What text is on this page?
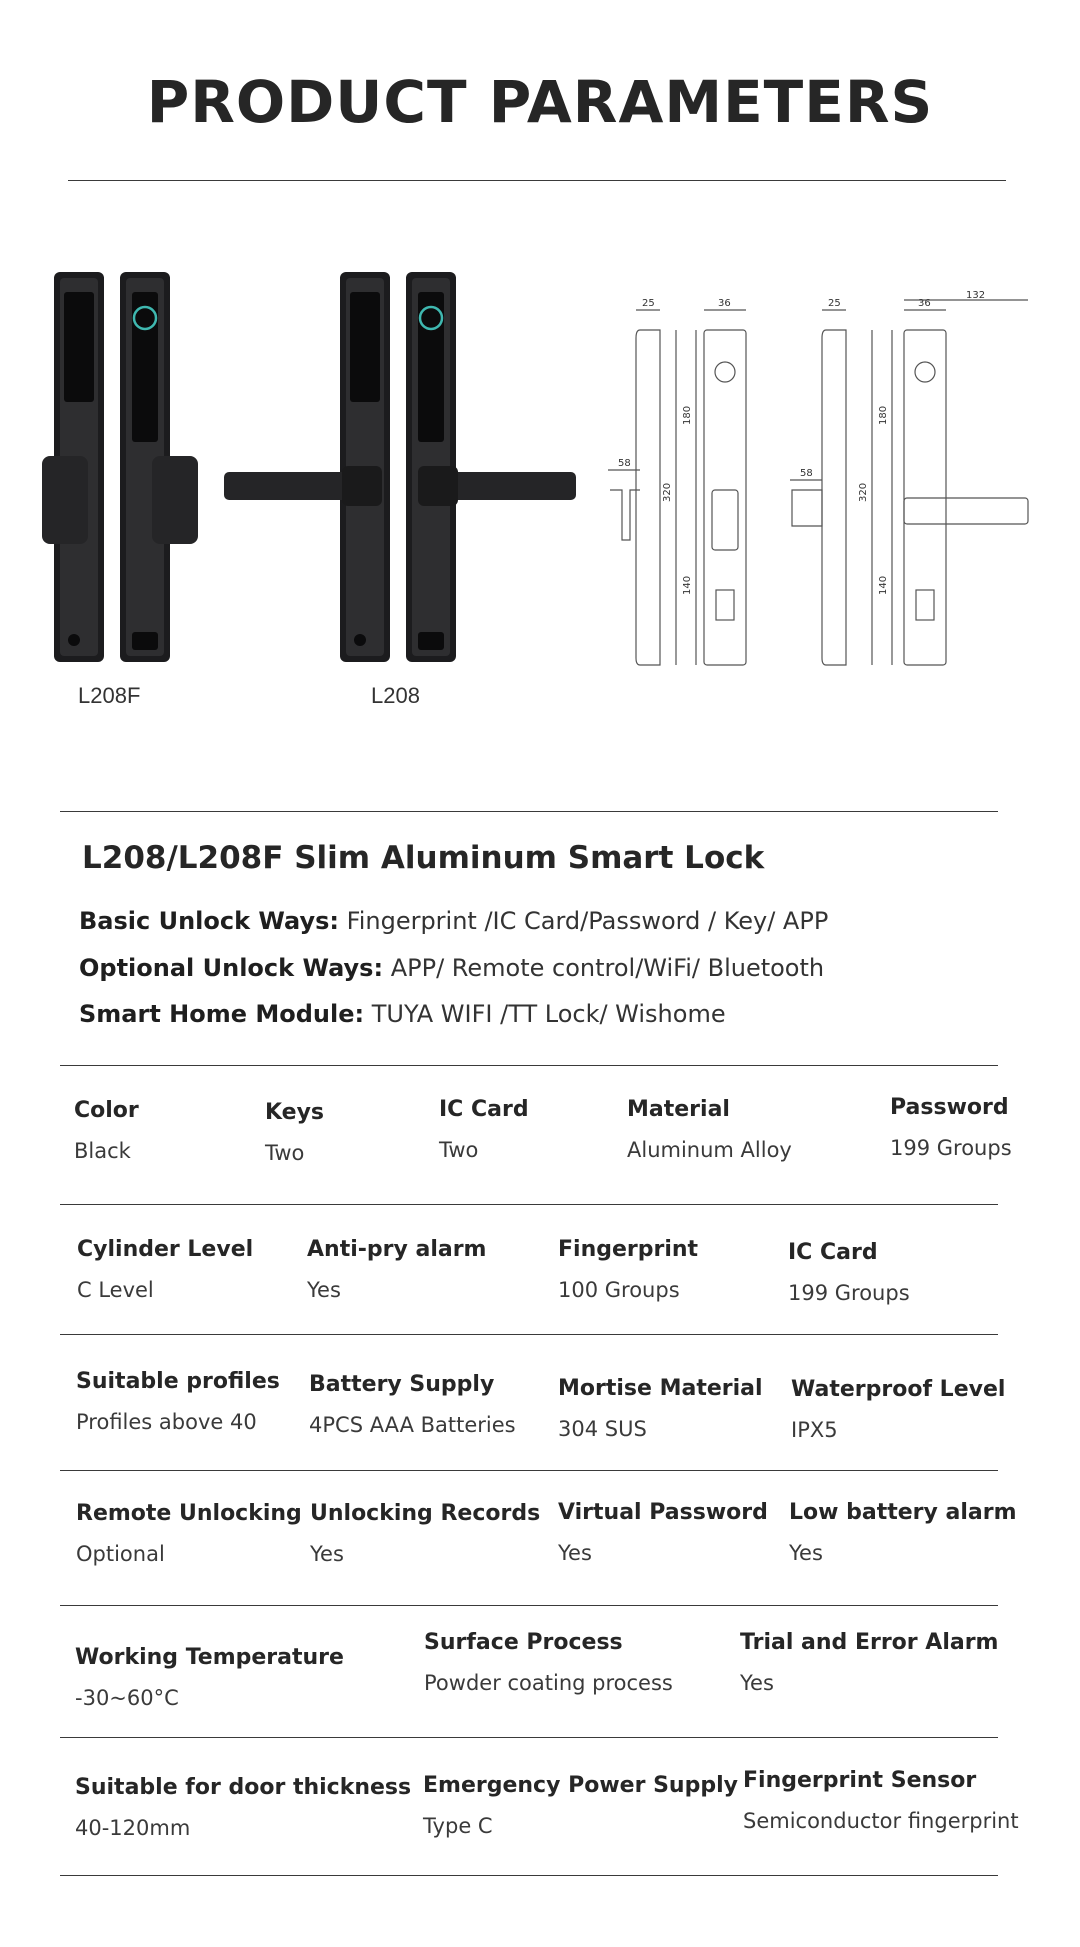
PRODUCT PARAMETERS
25
58
320
180
140
36	25
58
320
180
140
36
132
L208F	L208
L208/L208F Slim Aluminum Smart Lock
Basic Unlock Ways: Fingerprint /IC Card/Password / Key/ APP
Optional Unlock Ways: APP/ Remote control/WiFi/ Bluetooth
Smart Home Module: TUYA WIFI /TT Lock/ Wishome
Color
Black
Keys
Two
IC Card
Two
Material
Aluminum Alloy
Password
199 Groups
Cylinder Level
C Level
Anti-pry alarm
Yes
Fingerprint
100 Groups
IC Card
199 Groups
Suitable profiles
Profiles above 40
Battery Supply
4PCS AAA Batteries
Mortise Material
304 SUS
Waterproof Level
IPX5
Remote Unlocking
Optional
Unlocking Records
Yes
Virtual Password
Yes
Low battery alarm
Yes
Working Temperature
-30~60°C
Surface Process
Powder coating process
Trial and Error Alarm
Yes
Suitable for door thickness
40-120mm
Emergency Power Supply
Type C
Fingerprint Sensor
Semiconductor fingerprint
